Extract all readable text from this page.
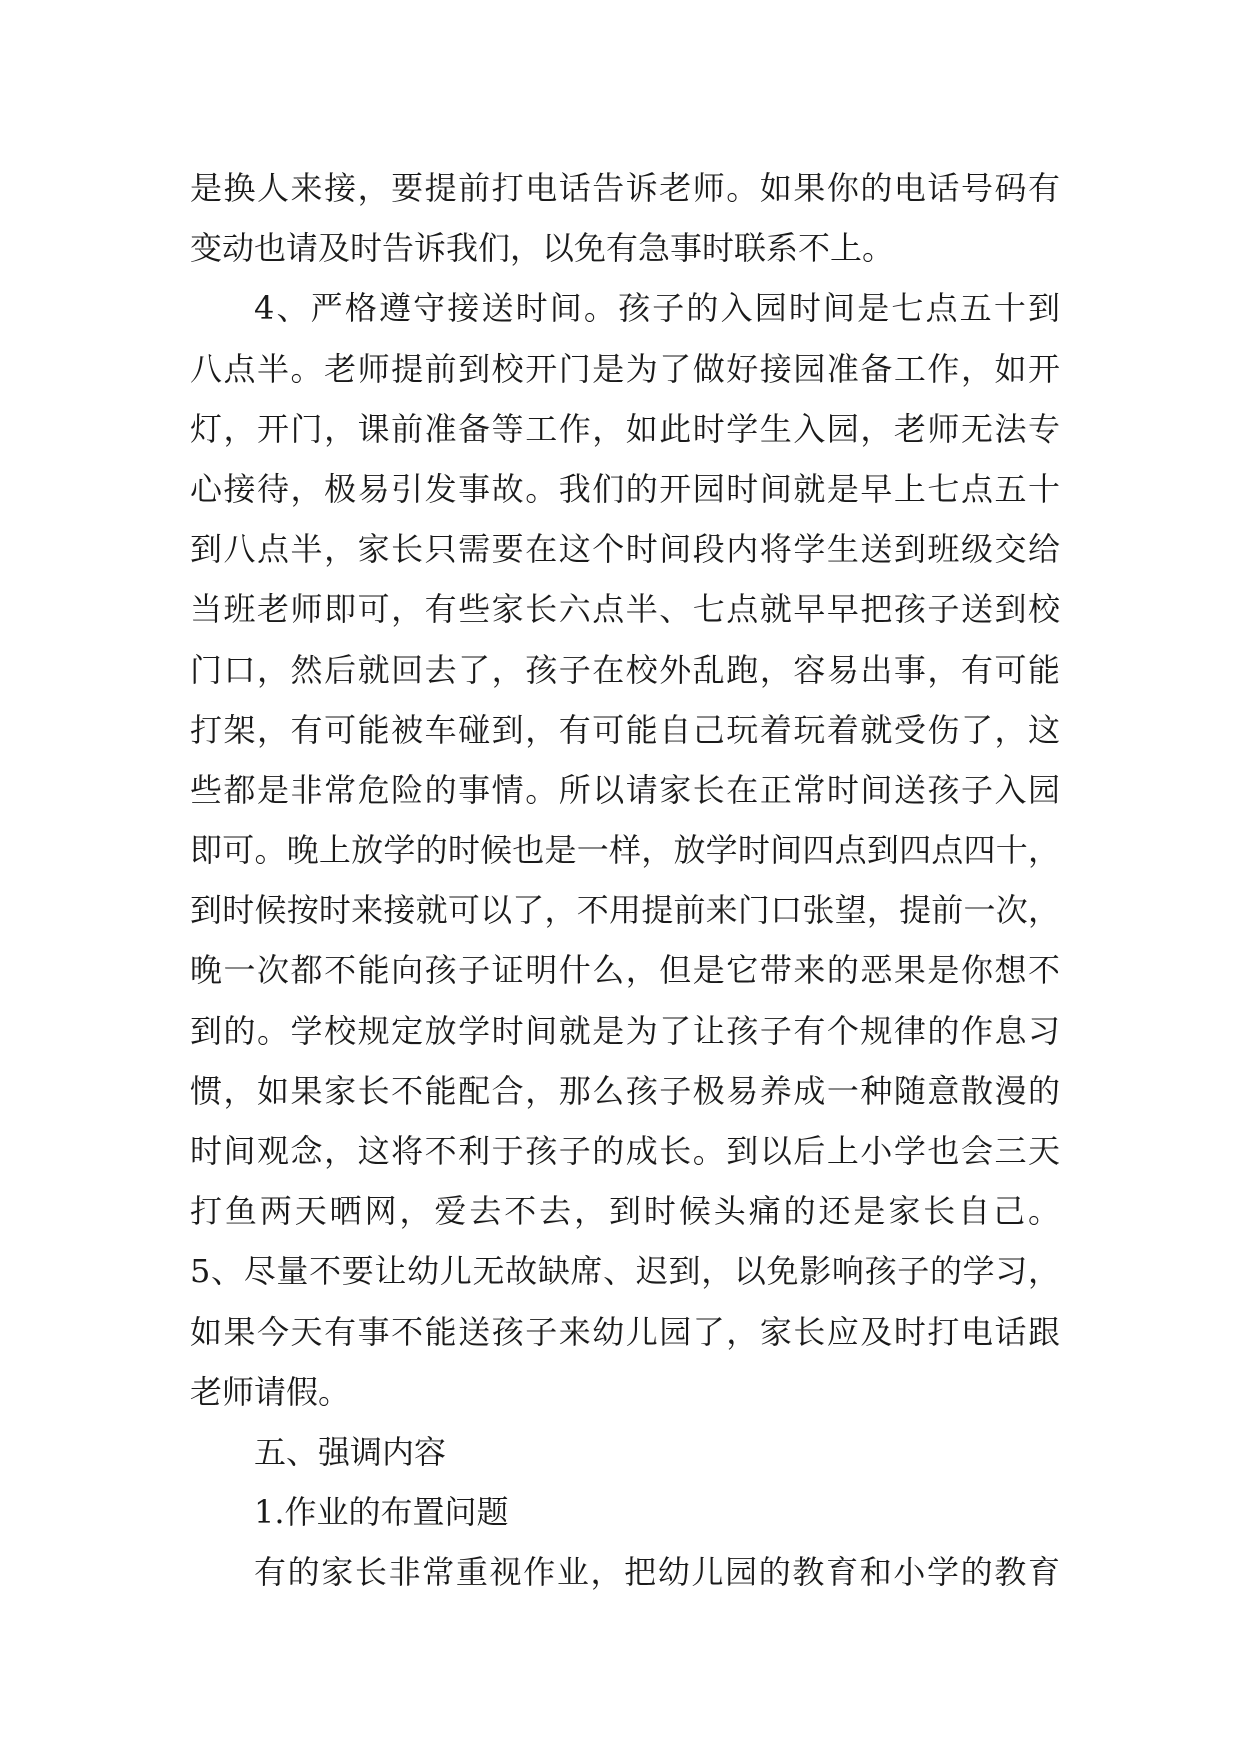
是换人来接，要提前打电话告诉老师。如果你的电话号码有
变动也请及时告诉我们，以免有急事时联系不上。
4、严格遵守接送时间。孩子的入园时间是七点五十到
八点半。老师提前到校开门是为了做好接园准备工作，如开
灯，开门，课前准备等工作，如此时学生入园，老师无法专
心接待，极易引发事故。我们的开园时间就是早上七点五十
到八点半，家长只需要在这个时间段内将学生送到班级交给
当班老师即可，有些家长六点半、七点就早早把孩子送到校
门口，然后就回去了，孩子在校外乱跑，容易出事，有可能
打架，有可能被车碰到，有可能自己玩着玩着就受伤了，这
些都是非常危险的事情。所以请家长在正常时间送孩子入园
即可。晚上放学的时候也是一样，放学时间四点到四点四十，
到时候按时来接就可以了，不用提前来门口张望，提前一次，
晚一次都不能向孩子证明什么，但是它带来的恶果是你想不
到的。学校规定放学时间就是为了让孩子有个规律的作息习
惯，如果家长不能配合，那么孩子极易养成一种随意散漫的
时间观念，这将不利于孩子的成长。到以后上小学也会三天
打鱼两天晒网，爱去不去，到时候头痛的还是家长自己。
5、尽量不要让幼儿无故缺席、迟到，以免影响孩子的学习，
如果今天有事不能送孩子来幼儿园了，家长应及时打电话跟
老师请假。
五、强调内容
1.作业的布置问题
有的家长非常重视作业，把幼儿园的教育和小学的教育
